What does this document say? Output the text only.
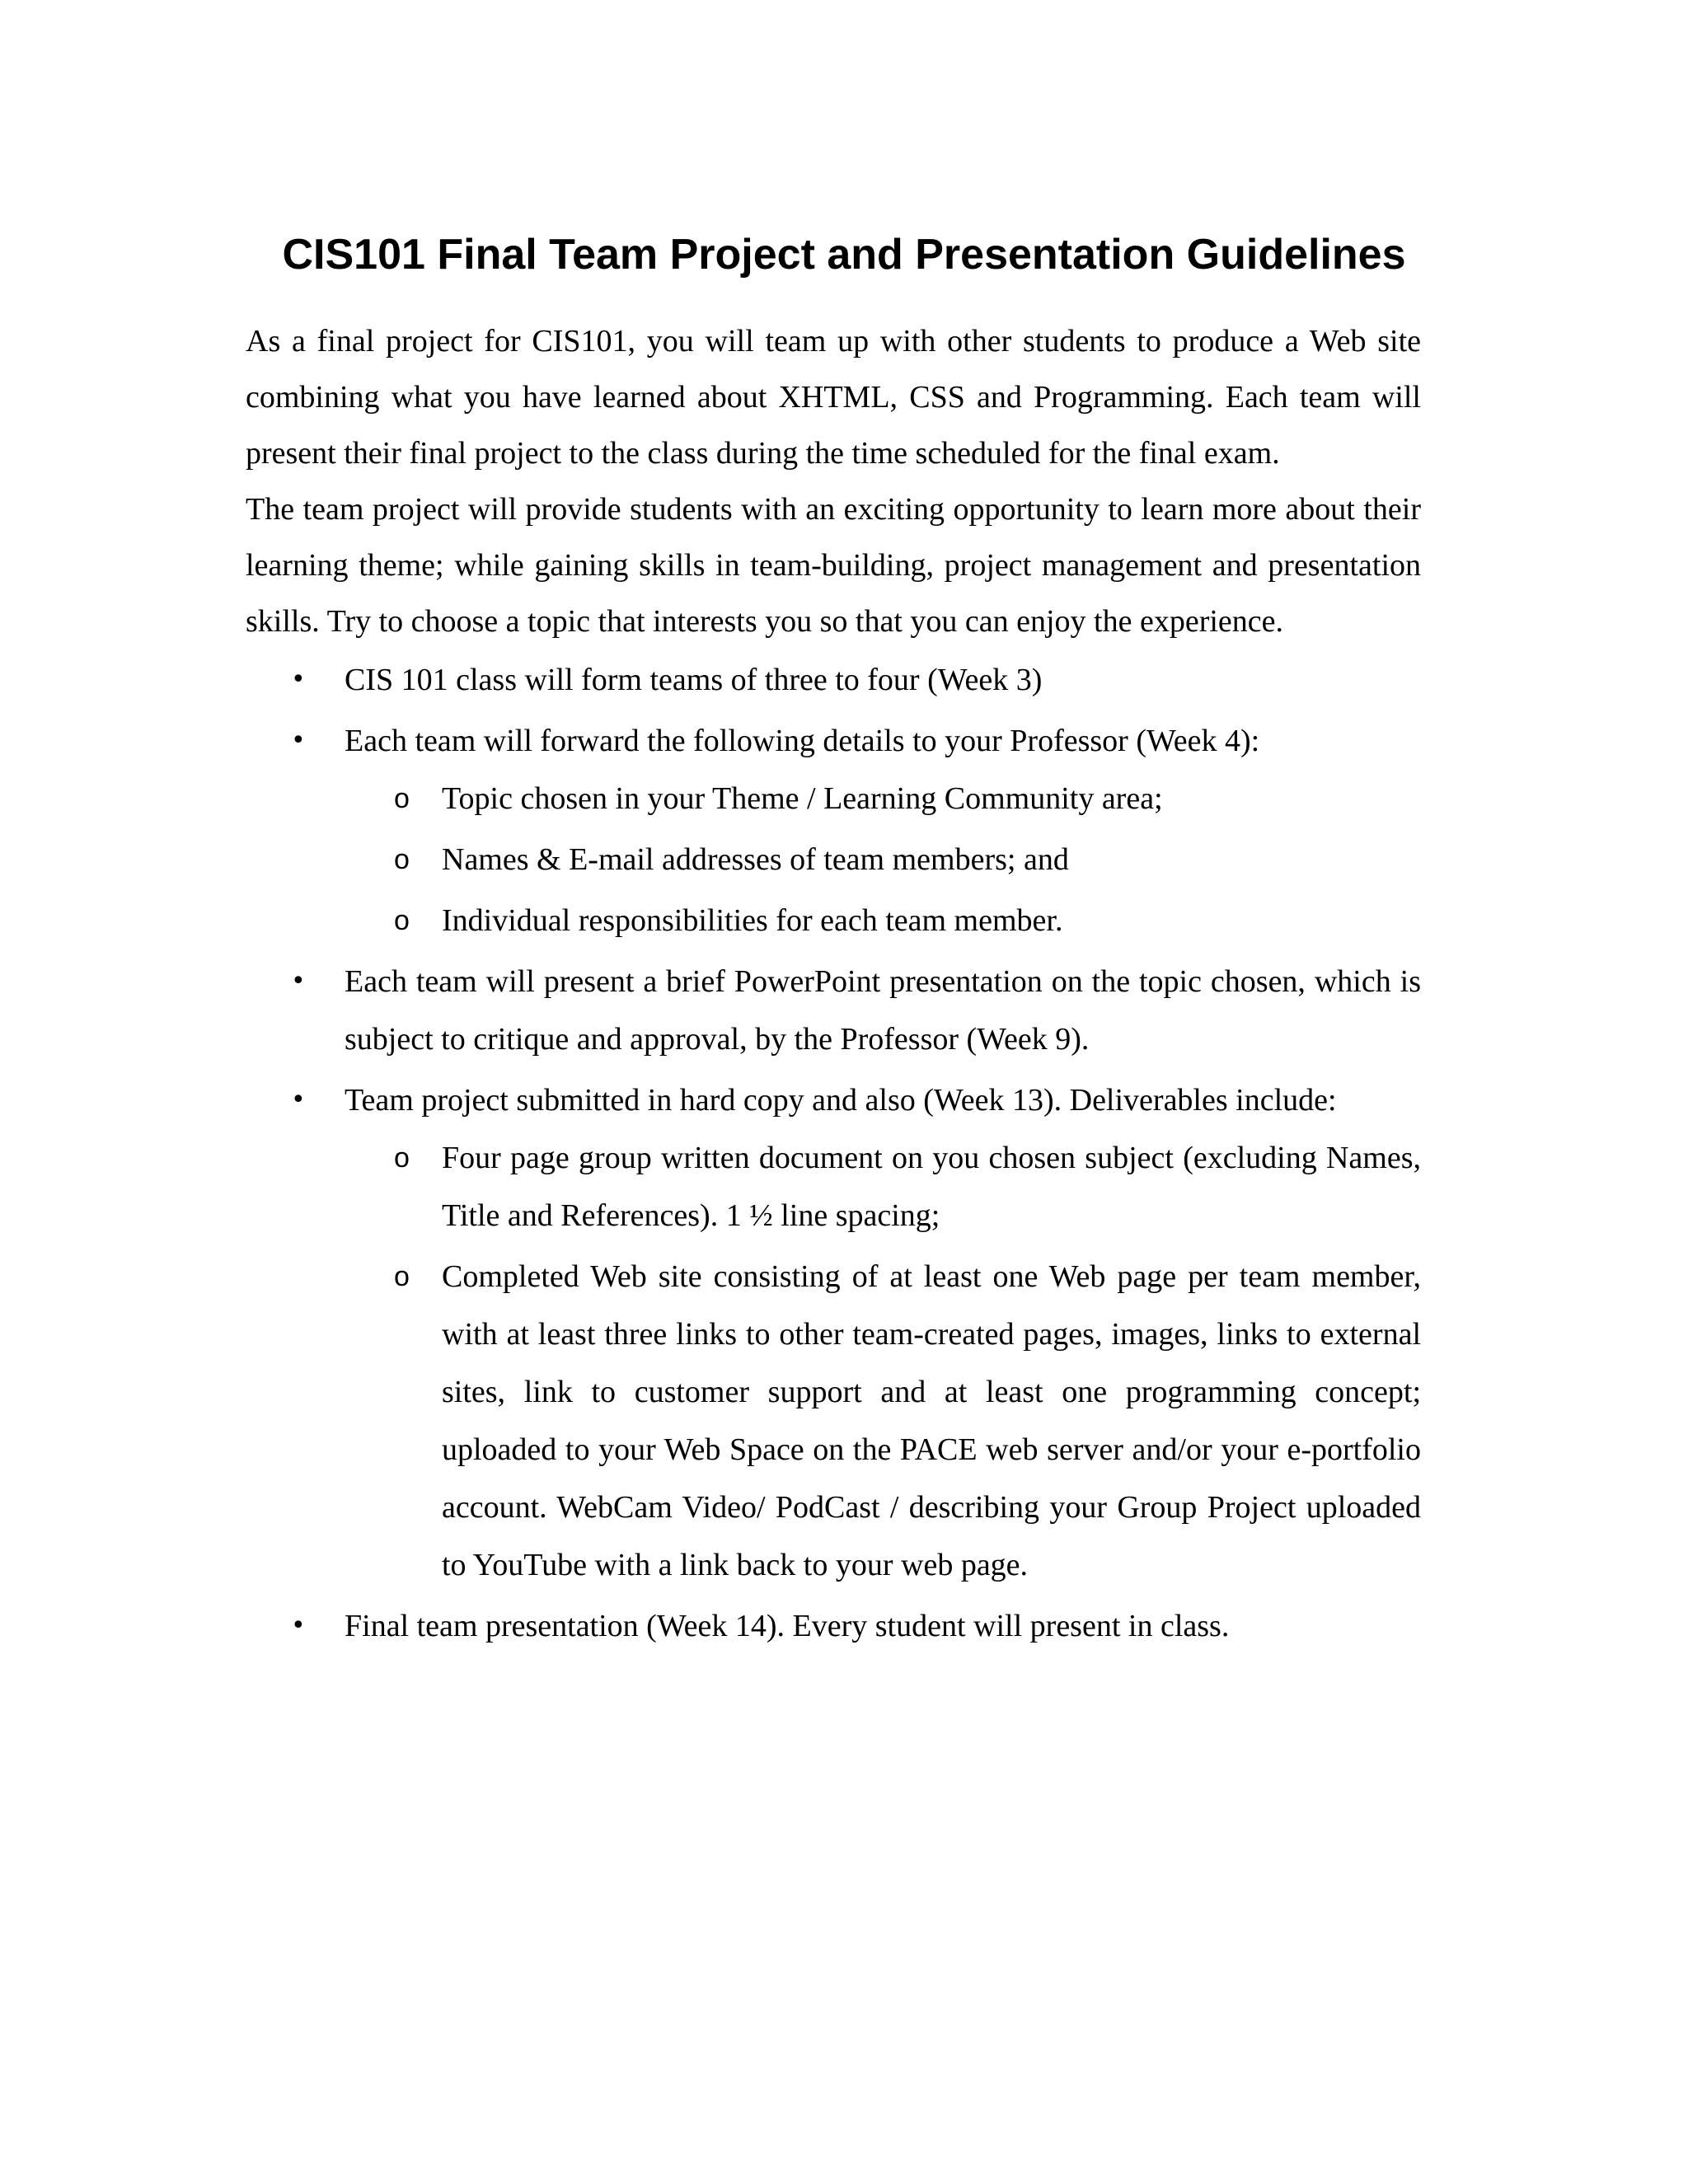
CIS101 Final Team Project and Presentation Guidelines

As a final project for CIS101, you will team up with other students to produce a Web site combining what you have learned about XHTML, CSS and Programming. Each team will present their final project to the class during the time scheduled for the final exam.

The team project will provide students with an exciting opportunity to learn more about their learning theme; while gaining skills in team-building, project management and presentation skills. Try to choose a topic that interests you so that you can enjoy the experience.

• CIS 101 class will form teams of three to four (Week 3)
• Each team will forward the following details to your Professor (Week 4):
o Topic chosen in your Theme / Learning Community area;
o Names & E-mail addresses of team members; and
o Individual responsibilities for each team member.
• Each team will present a brief PowerPoint presentation on the topic chosen, which is subject to critique and approval, by the Professor (Week 9).
• Team project submitted in hard copy and also (Week 13). Deliverables include:
o Four page group written document on you chosen subject (excluding Names, Title and References). 1 ½ line spacing;
o Completed Web site consisting of at least one Web page per team member, with at least three links to other team-created pages, images, links to external sites, link to customer support and at least one programming concept; uploaded to your Web Space on the PACE web server and/or your e-portfolio account. WebCam Video/ PodCast / describing your Group Project uploaded to YouTube with a link back to your web page.
• Final team presentation (Week 14). Every student will present in class.
